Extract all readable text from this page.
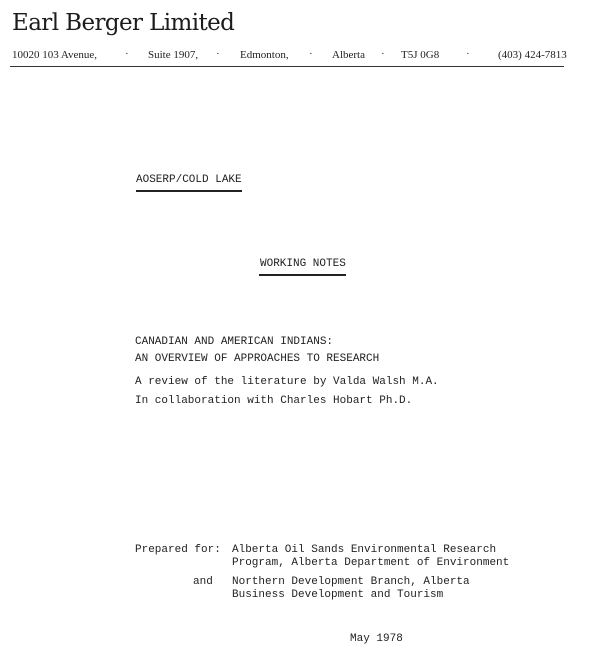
Earl Berger Limited
10020 103 Avenue,	· Suite 1907, · Edmonton, · Alberta · T5J 0G8 ·	(403) 424-7813
AOSERP/COLD LAKE
WORKING NOTES
CANADIAN AND AMERICAN INDIANS:
AN OVERVIEW OF APPROACHES TO RESEARCH
A review of the literature by Valda Walsh M.A.
In collaboration with Charles Hobart Ph.D.
Prepared for: Alberta Oil Sands Environmental Research
Program, Alberta Department of Environment
and Northern Development Branch, Alberta
Business Development and Tourism
May 1978
